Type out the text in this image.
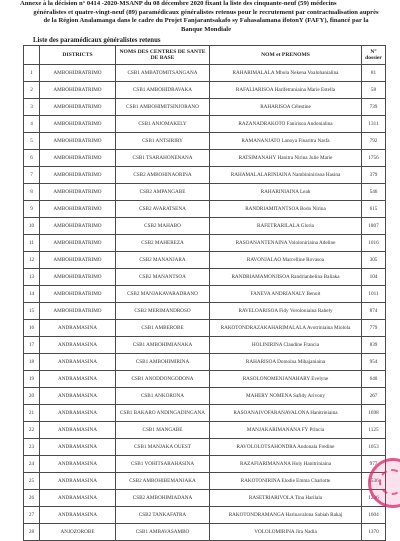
Annexe à la décision n° 0414 -2020-MSANP du 08 décembre 2020 fixant la liste des cinquante-neuf (59) médecins
généralistes et quatre-vingt-neuf (89) paramédicaux généralistes retenus pour le recrutement par contractualisation auprès
de la Région Analamanga dans le cadre du Projet Fanjarantsakafo sy Fahasalamana ifotonY (FAFY), financé par la
Banque Mondiale
Liste des paramédicaux généralistes retenus
	DISTRICTS	NOMS DES CENTRES DE SANTE DE BASE	NOM et PRENOMS	N° dossier
1	AMBOHIDRATRIMO	CSB1 AMBATOMITSANGANA	RAHARIMALALA Mbola Nekena Voalohanialina	81
2	AMBOHIDRATRIMO	CSB1 AMBOHIDRAVAKA	RAFALIARISOA Harifetraniaina Marie Estella	58
3	AMBOHIDRATRIMO	CSB1 AMBOHIMITSINJORANO	RAHARISOA Célestine	739
4	AMBOHIDRATRIMO	CSB1 ANJOMAKELY	RAZANADRAKOTO Fanirisoa Andonialina	1311
5	AMBOHIDRATRIMO	CSB1 ANTSIRIRY	RAMANANJATO Lanoya Finaritra Nasfa	792
6	AMBOHIDRATRIMO	CSB1 TSARAHONENANA	RATSIMANAHY Hanitra Nirina Julie Marie	1756
7	AMBOHIDRATRIMO	CSB2 AMBOHINAORINA	RAHAMALALARINIAINA Nambininirisoa Hasina	379
8	AMBOHIDRATRIMO	CSB2 AMPANGABE	RAHARINIAINA Leah	546
9	AMBOHIDRATRIMO	CSB2 AVARATSENA	RANDRIAMITANTSOA Bodo Nirina	615
10	AMBOHIDRATRIMO	CSB2 MAHABO	RAFETRARILALA Gloria	1807
11	AMBOHIDRATRIMO	CSB2 MAHEREZA	RASOANANTENAINA Vololoniriaina Adeline	1016
12	AMBOHIDRATRIMO	CSB2 MANANJARA	RAVONJALAO Marcelline Rovasoa	305
13	AMBOHIDRATRIMO	CSB2 MANANTSOA	RANDRIAMAMONJISOA Randrianbelina Baliaka	104
14	AMBOHIDRATRIMO	CSB2 MANJAKAVARADRANO	FANEVA ANDRIANALY Benoit	1011
15	AMBOHIDRATRIMO	CSB2 MERIMANDROSO	RAVELOARISOA Fidy Voroloniaina Rahely	874
16	ANDRAMASINA	CSB1 AMBEROBE	RAKOTONDRAZAKAHARIMALALA Avotriniaina Miolola	779
17	ANDRAMASINA	CSB1 AMBOHIMIANAKA	HOLINIRINA Claudine Francia	839
18	ANDRAMASINA	CSB1 AMBOHIMIRINA	RAHARISOA Domoina Mihajaniaina	954
19	ANDRAMASINA	CSB1 ANODDONGODONA	RASOLONOMENJANAHARY Evelyne	640
20	ANDRAMASINA	CSB1 ANKORONA	MAHERY NOMENA Safidy Arivony	267
21	ANDRAMASINA	CSB1 BAKARO ANDINGADINGANA	RASOANAIVOFARANAVALONA Hanitriniaina	1698
22	ANDRAMASINA	CSB1 MANGABE	MANJAKARIMANANA FY Princia	1125
23	ANDRAMASINA	CSB1 MANJAKA OUEST	RAVOLOLOTSAHONDRA Andonala Fredine	1053
24	ANDRAMASINA	CSB1 VOHITSARAHASINA	RAZAFIARIMANANA Holy Hanitriniaina	977
25	ANDRAMASINA	CSB2 AMBOHIBEMANJAKA	RAKOTONIRINA Elodie Emma Charlotte	1536
26	ANDRAMASINA	CSB2 AMBOHIMIADANA	RASETRIARIVOLA Tina Harilala	1236
27	ANDRAMASINA	CSB2 TANKAFATRA	RAKOTONDRAMANGA Harinavalona Sabiah Rakaj	1604
28	ANJOZOROBE	CSB1 AMBAVASAMBO	VOLOLOMIRINA Jira Nadia	1370
